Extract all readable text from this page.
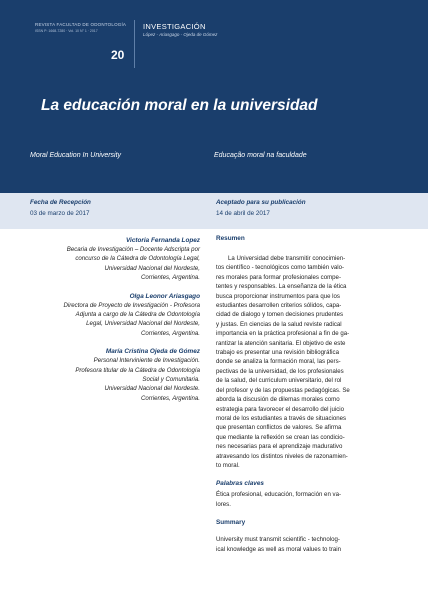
REVISTA FACULTAD DE ODONTOLOGÍA
ISSN P: 1668-7280 · Vol. 10 N° 1 · 2017
20
INVESTIGACIÓN
López - Ariasgago - Ojeda de Gómez
La educación moral en la universidad
Moral Education In University	Educação moral na faculdade
Fecha de Recepción
03 de marzo de 2017
Aceptado para su publicación
14 de abril de 2017
Victoria Fernanda Lopez
Becaria de Investigación – Docente Adscripta por
concurso de la Cátedra de Odontología Legal,
Universidad Nacional del Nordeste,
Corrientes, Argentina.
Olga Leonor Ariasgago
Directora de Proyecto de Investigación - Profesora
Adjunta a cargo de la Cátedra de Odontología
Legal, Universidad Nacional del Nordeste,
Corrientes, Argentina.
María Cristina Ojeda de Gómez
Personal Interviniente de Investigación.
Profesora titular de la Cátedra de Odontología
Social y Comunitaria.
Universidad Nacional del Nordeste.
Corrientes, Argentina.
Resumen
La Universidad debe transmitir conocimien-
tos científico - tecnológicos como también valo-
res morales para formar profesionales compe-
tentes y responsables. La enseñanza de la ética
busca proporcionar instrumentos para que los
estudiantes desarrollen criterios sólidos, capa-
cidad de dialogo y tomen decisiones prudentes
y justas. En ciencias de la salud reviste radical
importancia en la práctica profesional a fin de ga-
rantizar la atención sanitaria. El objetivo de este
trabajo es presentar una revisión bibliográfica
donde se analiza la formación moral, las pers-
pectivas de la universidad, de los profesionales
de la salud, del curriculum universitario, del rol
del profesor y de las propuestas pedagógicas. Se
aborda la discusión de dilemas morales como
estrategia para favorecer el desarrollo del juicio
moral de los estudiantes a través de situaciones
que presentan conflictos de valores. Se afirma
que mediante la reflexión se crean las condicio-
nes necesarias para el aprendizaje madurativo
atravesando los distintos niveles de razonamien-
to moral.
Palabras claves
Ética profesional, educación, formación en va-
lores.
Summary
University must transmit scientific - technolog-
ical knowledge as well as moral values to train
